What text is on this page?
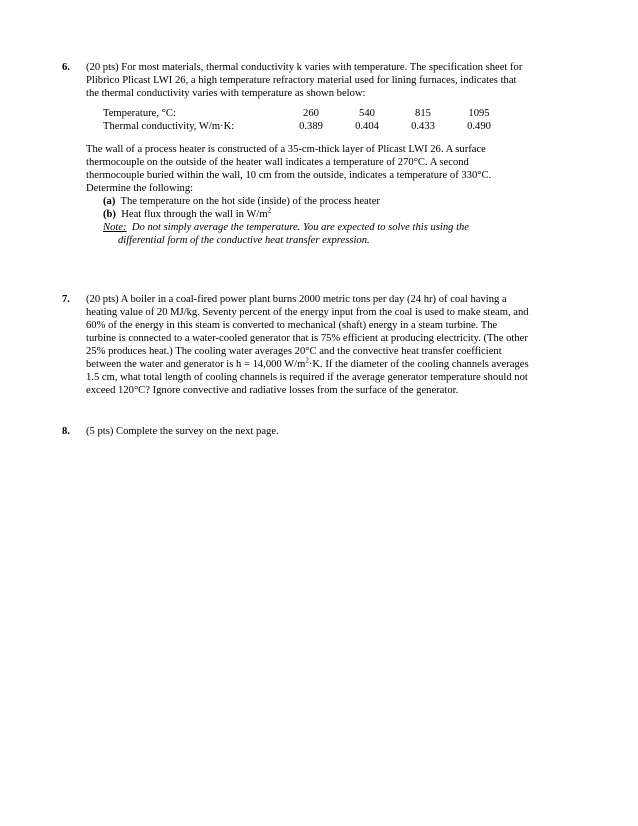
6. (20 pts) For most materials, thermal conductivity k varies with temperature. The specification sheet for
Plibrico Plicast LWI 26, a high temperature refractory material used for lining furnaces, indicates that
the thermal conductivity varies with temperature as shown below:
Temperature, °C:	260	540	815	1095
Thermal conductivity, W/m·K:	0.389	0.404	0.433	0.490
The wall of a process heater is constructed of a 35-cm-thick layer of Plicast LWI 26. A surface
thermocouple on the outside of the heater wall indicates a temperature of 270°C. A second
thermocouple buried within the wall, 10 cm from the outside, indicates a temperature of 330°C.
Determine the following:
(a) The temperature on the hot side (inside) of the process heater
(b) Heat flux through the wall in $W/m^2$
Note: Do not simply average the temperature. You are expected to solve this using the
differential form of the conductive heat transfer expression.
7. (20 pts) A boiler in a coal-fired power plant burns 2000 metric tons per day (24 hr) of coal having a
heating value of 20 MJ/kg. Seventy percent of the energy input from the coal is used to make steam, and
60% of the energy in this steam is converted to mechanical (shaft) energy in a steam turbine. The
turbine is connected to a water-cooled generator that is 75% efficient at producing electricity. (The other
25% produces heat.) The cooling water averages 20°C and the convective heat transfer coefficient
between the water and generator is h = 14,000 $W/m^2\cdot K$. If the diameter of the cooling channels averages
1.5 cm, what total length of cooling channels is required if the average generator temperature should not
exceed 120°C? Ignore convective and radiative losses from the surface of the generator.
8. (5 pts) Complete the survey on the next page.
